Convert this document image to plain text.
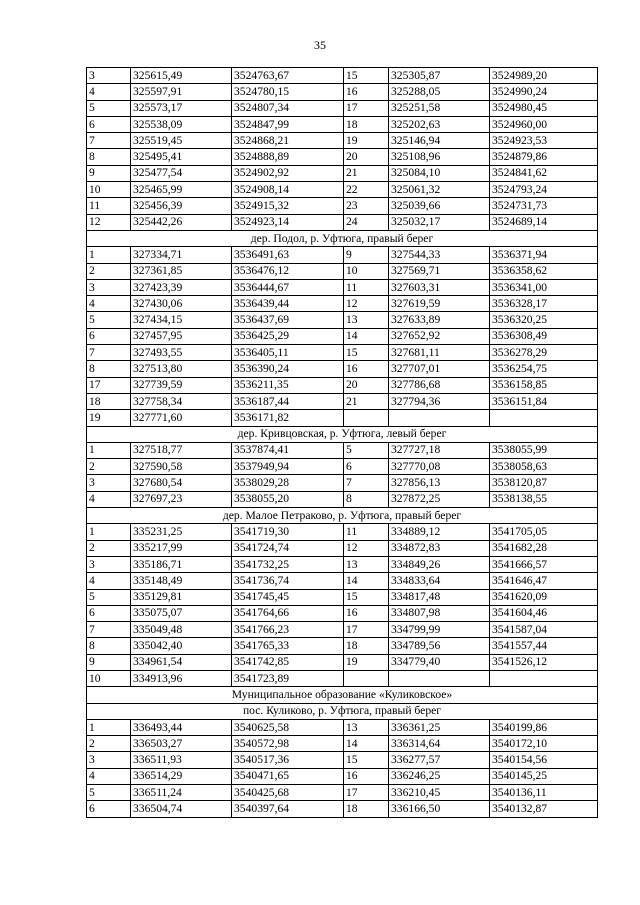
35
3	325615,49	3524763,67	15	325305,87	3524989,20
4	325597,91	3524780,15	16	325288,05	3524990,24
5	325573,17	3524807,34	17	325251,58	3524980,45
6	325538,09	3524847,99	18	325202,63	3524960,00
7	325519,45	3524868,21	19	325146,94	3524923,53
8	325495,41	3524888,89	20	325108,96	3524879,86
9	325477,54	3524902,92	21	325084,10	3524841,62
10	325465,99	3524908,14	22	325061,32	3524793,24
11	325456,39	3524915,32	23	325039,66	3524731,73
12	325442,26	3524923,14	24	325032,17	3524689,14
дер. Подол, р. Уфтюга, правый берег					
1	327334,71	3536491,63	9	327544,33	3536371,94
2	327361,85	3536476,12	10	327569,71	3536358,62
3	327423,39	3536444,67	11	327603,31	3536341,00
4	327430,06	3536439,44	12	327619,59	3536328,17
5	327434,15	3536437,69	13	327633,89	3536320,25
6	327457,95	3536425,29	14	327652,92	3536308,49
7	327493,55	3536405,11	15	327681,11	3536278,29
8	327513,80	3536390,24	16	327707,01	3536254,75
17	327739,59	3536211,35	20	327786,68	3536158,85
18	327758,34	3536187,44	21	327794,36	3536151,84
19	327771,60	3536171,82			
дер. Кривцовская, р. Уфтюга, левый берег					
1	327518,77	3537874,41	5	327727,18	3538055,99
2	327590,58	3537949,94	6	327770,08	3538058,63
3	327680,54	3538029,28	7	327856,13	3538120,87
4	327697,23	3538055,20	8	327872,25	3538138,55
дер. Малое Петраково, р. Уфтюга, правый берег					
1	335231,25	3541719,30	11	334889,12	3541705,05
2	335217,99	3541724,74	12	334872,83	3541682,28
3	335186,71	3541732,25	13	334849,26	3541666,57
4	335148,49	3541736,74	14	334833,64	3541646,47
5	335129,81	3541745,45	15	334817,48	3541620,09
6	335075,07	3541764,66	16	334807,98	3541604,46
7	335049,48	3541766,23	17	334799,99	3541587,04
8	335042,40	3541765,33	18	334789,56	3541557,44
9	334961,54	3541742,85	19	334779,40	3541526,12
10	334913,96	3541723,89			
Муниципальное образование «Куликовское»					
пос. Куликово, р. Уфтюга, правый берег					
1	336493,44	3540625,58	13	336361,25	3540199,86
2	336503,27	3540572,98	14	336314,64	3540172,10
3	336511,93	3540517,36	15	336277,57	3540154,56
4	336514,29	3540471,65	16	336246,25	3540145,25
5	336511,24	3540425,68	17	336210,45	3540136,11
6	336504,74	3540397,64	18	336166,50	3540132,87
